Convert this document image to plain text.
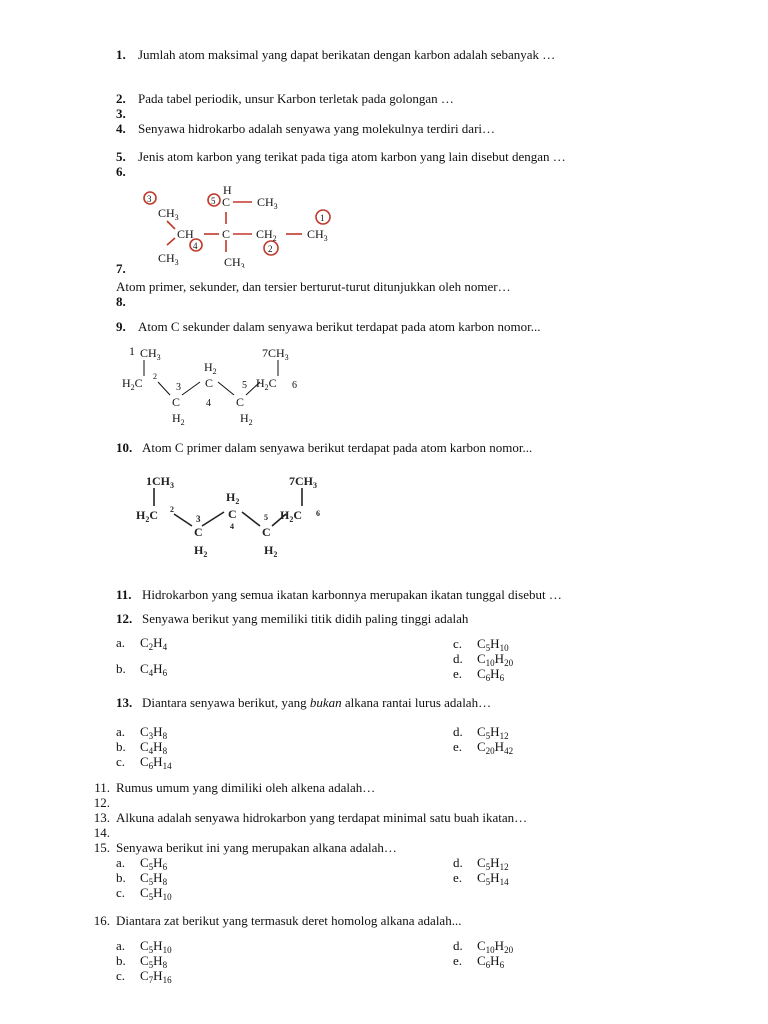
1. Jumlah atom maksimal yang dapat berikatan dengan karbon adalah sebanyak …
2. Pada tabel periodik, unsur Karbon terletak pada golongan …
3.
4. Senyawa hidrokarbo adalah senyawa yang molekulnya terdiri dari…
5. Jenis atom karbon yang terikat pada tiga atom karbon yang lain disebut dengan …
6.
3	5
1
4	2
H
C $CH_3$
$CH_3$
CH C $CH_2$	$CH_3$
$CH_3$	$CH_3$
7.
Atom primer, sekunder, dan tersier berturut-turut ditunjukkan oleh nomer…
8.
9. Atom C sekunder dalam senyawa berikut terdapat pada atom karbon nomor...
1 $CH_3$
$H_2C$ 2
3
$H_2$
C
4
5 $H_2C$ 6
$7CH_3$
C
$H_2$
C
$H_2$
10. Atom C primer dalam senyawa berikut terdapat pada atom karbon nomor...
$1CH_3$
$H_2C$ 2
3
$H_2$
C
4
5 $H_2C$ 6
$7CH_3$
C
$H_2$
C
$H_2$
11. Hidrokarbon yang semua ikatan karbonnya merupakan ikatan tunggal disebut …
12. Senyawa berikut yang memiliki titik didih paling tinggi adalah
a. $C_2H_4$
b. $C_4H_6$
c. $C_5H_{10}$
d. $C_{10}H_{20}$
e. $C_6H_6$
13. Diantara senyawa berikut, yang bukan alkana rantai lurus adalah…
a. $C_3H_8$
b. $C_4H_8$
c. $C_6H_{14}$
d. $C_5H_{12}$
e. $C_{20}H_{42}$
11. Rumus umum yang dimiliki oleh alkena adalah…
12.
13. Alkuna adalah senyawa hidrokarbon yang terdapat minimal satu buah ikatan…
14.
15. Senyawa berikut ini yang merupakan alkana adalah…
a. $C_5H_6$
b. $C_5H_8$
c. $C_5H_{10}$
d. $C_5H_{12}$
e. $C_5H_{14}$
16. Diantara zat berikut yang termasuk deret homolog alkana adalah...
a. $C_5H_{10}$
b. $C_5H_8$
c. $C_7H_{16}$
d. $C_{10}H_{20}$
e. $C_6H_6$
